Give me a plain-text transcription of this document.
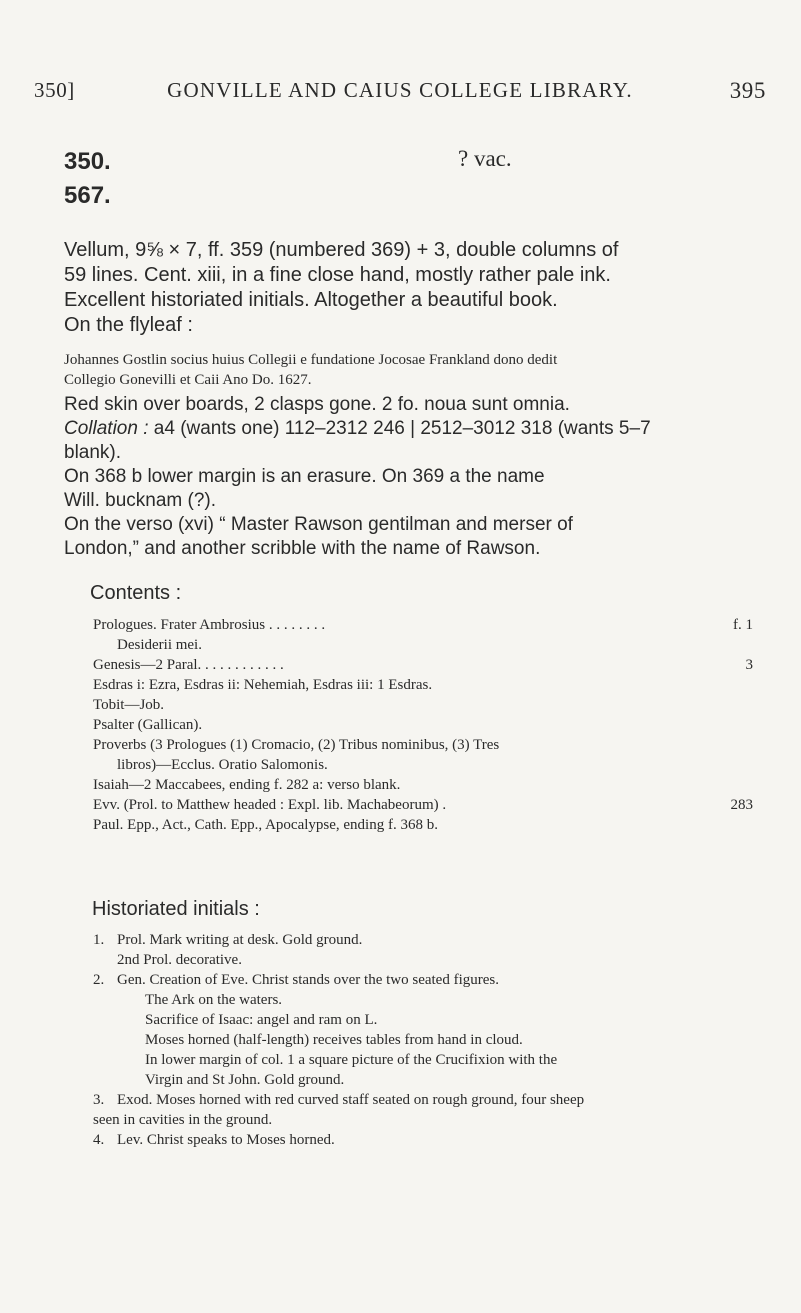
350]	GONVILLE AND CAIUS COLLEGE LIBRARY.	395
350.	? vac.
567.
Vellum, 9⅝ × 7, ff. 359 (numbered 369) + 3, double columns of
59 lines. Cent. xiii, in a fine close hand, mostly rather pale ink.
Excellent historiated initials. Altogether a beautiful book.
On the flyleaf :
Johannes Gostlin socius huius Collegii e fundatione Jocosae Frankland dono dedit
Collegio Gonevilli et Caii Ano Do. 1627.
Red skin over boards, 2 clasps gone. 2 fo. noua sunt omnia.
Collation : a4 (wants one) 112–2312 246 | 2512–3012 318 (wants 5–7
blank).
On 368 b lower margin is an erasure. On 369 a the name
Will. bucknam (?).
On the verso (xvi) “ Master Rawson gentilman and merser of
London,” and another scribble with the name of Rawson.
Contents :
Prologues. Frater Ambrosius . . . . . . . .	f. 1
Desiderii mei.
Genesis—2 Paral. . . . . . . . . . . .	3
Esdras i: Ezra, Esdras ii: Nehemiah, Esdras iii: 1 Esdras.
Tobit—Job.
Psalter (Gallican).
Proverbs (3 Prologues (1) Cromacio, (2) Tribus nominibus, (3) Tres
libros)—Ecclus. Oratio Salomonis.
Isaiah—2 Maccabees, ending f. 282 a: verso blank.
Evv. (Prol. to Matthew headed : Expl. lib. Machabeorum) .	283
Paul. Epp., Act., Cath. Epp., Apocalypse, ending f. 368 b.
Historiated initials :
1. Prol. Mark writing at desk. Gold ground.
2nd Prol. decorative.
2. Gen. Creation of Eve. Christ stands over the two seated figures.
The Ark on the waters.
Sacrifice of Isaac: angel and ram on L.
Moses horned (half-length) receives tables from hand in cloud.
In lower margin of col. 1 a square picture of the Crucifixion with the
Virgin and St John. Gold ground.
3. Exod. Moses horned with red curved staff seated on rough ground, four sheep
seen in cavities in the ground.
4. Lev. Christ speaks to Moses horned.
